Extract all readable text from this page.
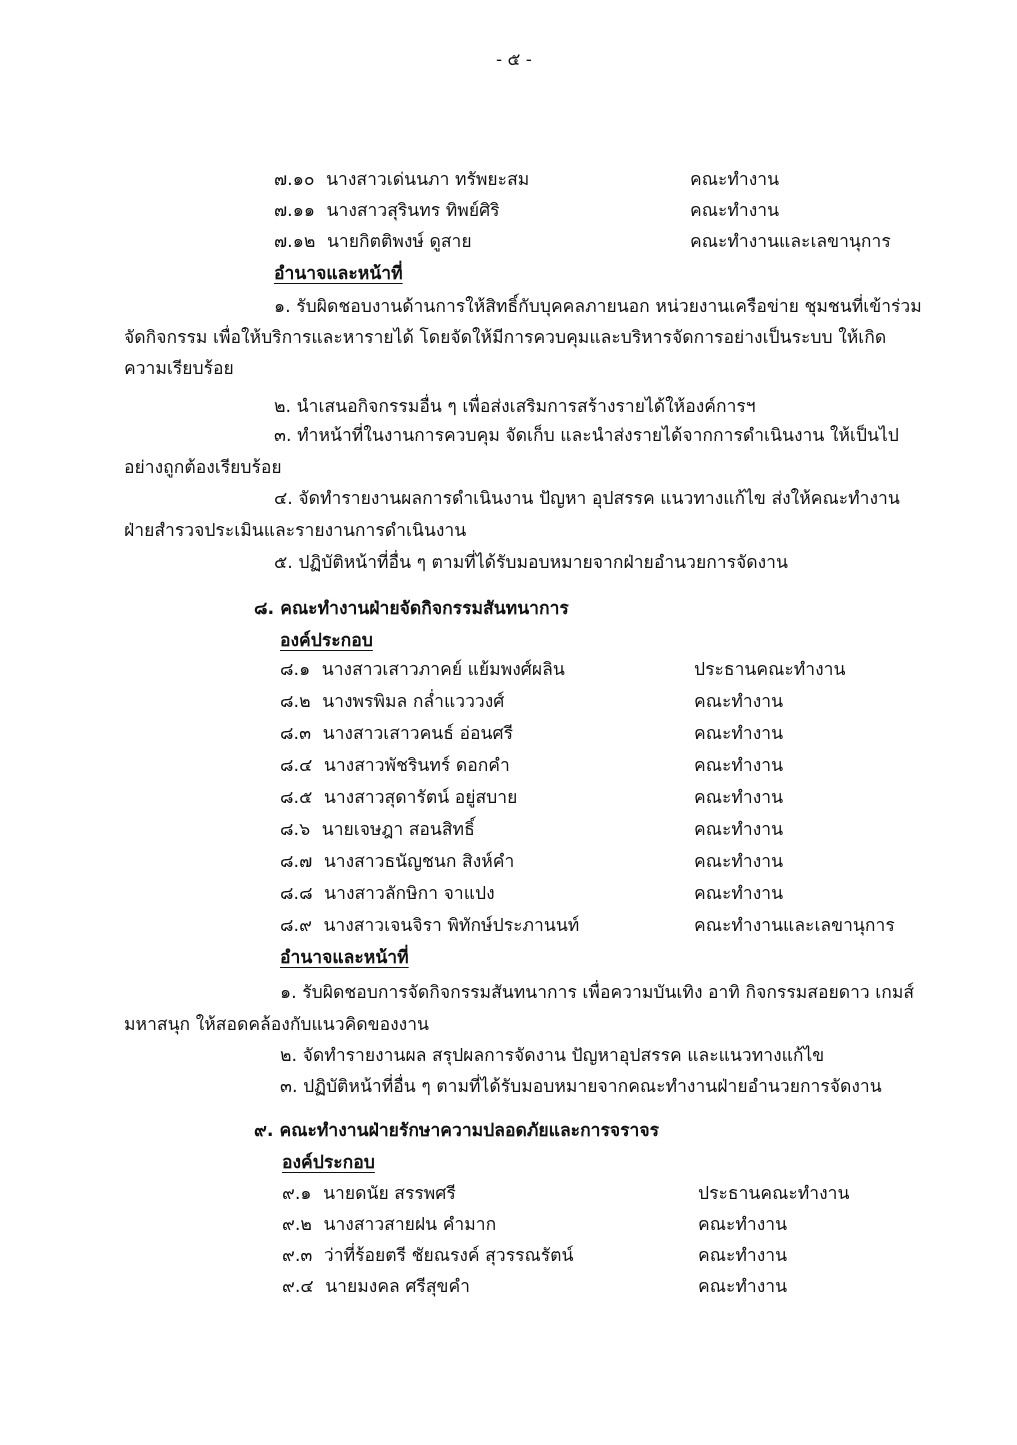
- ๕ -
๗.๑๐ นางสาวเด่นนภา ทรัพยะสม	คณะทำงาน
๗.๑๑ นางสาวสุรินทร ทิพย์ศิริ	คณะทำงาน
๗.๑๒ นายกิตติพงษ์ ดูสาย	คณะทำงานและเลขานุการ
อำนาจและหน้าที่
๑. รับผิดชอบงานด้านการให้สิทธิ์กับบุคคลภายนอก หน่วยงานเครือข่าย ชุมชนที่เข้าร่วม
จัดกิจกรรม เพื่อให้บริการและหารายได้ โดยจัดให้มีการควบคุมและบริหารจัดการอย่างเป็นระบบ ให้เกิด
ความเรียบร้อย
๒. นำเสนอกิจกรรมอื่น ๆ เพื่อส่งเสริมการสร้างรายได้ให้องค์การฯ
๓. ทำหน้าที่ในงานการควบคุม จัดเก็บ และนำส่งรายได้จากการดำเนินงาน ให้เป็นไป
อย่างถูกต้องเรียบร้อย
๔. จัดทำรายงานผลการดำเนินงาน ปัญหา อุปสรรค แนวทางแก้ไข ส่งให้คณะทำงาน
ฝ่ายสำรวจประเมินและรายงานการดำเนินงาน
๕. ปฏิบัติหน้าที่อื่น ๆ ตามที่ได้รับมอบหมายจากฝ่ายอำนวยการจัดงาน
๘. คณะทำงานฝ่ายจัดกิจกรรมสันทนาการ
องค์ประกอบ
๘.๑ นางสาวเสาวภาคย์ แย้มพงศ์ผลิน	ประธานคณะทำงาน
๘.๒ นางพรพิมล กล่ำแวววงศ์	คณะทำงาน
๘.๓ นางสาวเสาวคนธ์ อ่อนศรี	คณะทำงาน
๘.๔ นางสาวพัชรินทร์ ดอกคำ	คณะทำงาน
๘.๕ นางสาวสุดารัตน์ อยู่สบาย	คณะทำงาน
๘.๖ นายเจษฎา สอนสิทธิ์	คณะทำงาน
๘.๗ นางสาวธนัญชนก สิงห์คำ	คณะทำงาน
๘.๘ นางสาวลักษิกา จาแปง	คณะทำงาน
๘.๙ นางสาวเจนจิรา พิทักษ์ประภานนท์	คณะทำงานและเลขานุการ
อำนาจและหน้าที่
๑. รับผิดชอบการจัดกิจกรรมสันทนาการ เพื่อความบันเทิง อาทิ กิจกรรมสอยดาว เกมส์
มหาสนุก ให้สอดคล้องกับแนวคิดของงาน
๒. จัดทำรายงานผล สรุปผลการจัดงาน ปัญหาอุปสรรค และแนวทางแก้ไข
๓. ปฏิบัติหน้าที่อื่น ๆ ตามที่ได้รับมอบหมายจากคณะทำงานฝ่ายอำนวยการจัดงาน
๙. คณะทำงานฝ่ายรักษาความปลอดภัยและการจราจร
องค์ประกอบ
๙.๑ นายดนัย สรรพศรี	ประธานคณะทำงาน
๙.๒ นางสาวสายฝน คำมาก	คณะทำงาน
๙.๓ ว่าที่ร้อยตรี ชัยณรงค์ สุวรรณรัตน์	คณะทำงาน
๙.๔ นายมงคล ศรีสุขคำ	คณะทำงาน
